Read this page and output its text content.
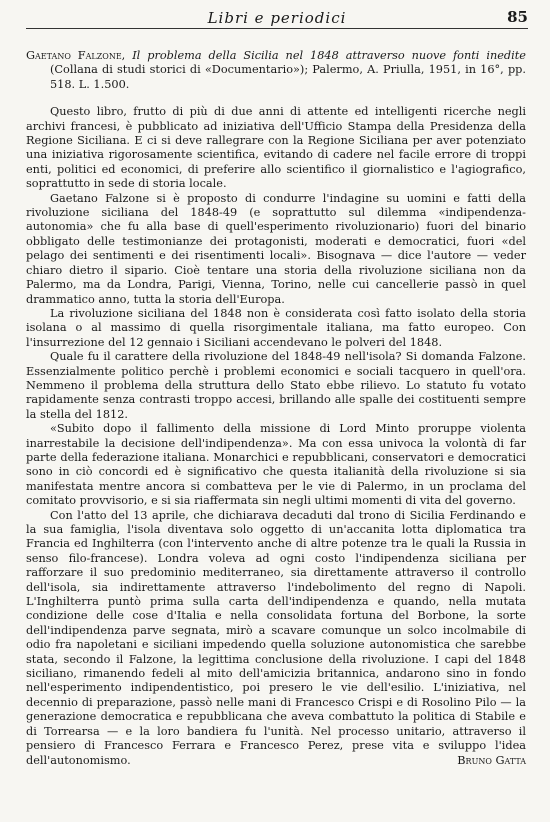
Libri e periodici	85

Gaetano Falzone, Il problema della Sicilia nel 1848 attraverso nuove fonti inedite (Collana di studi storici di «Documentario»); Palermo, A. Priulla, 1951, in 16°, pp. 518. L. 1.500.

Questo libro, frutto di più di due anni di attente ed intelligenti ricerche negli archivi francesi, è pubblicato ad iniziativa dell'Ufficio Stampa della Presidenza della Regione Siciliana. E ci si deve rallegrare con la Regione Siciliana per aver potenziato una iniziativa rigorosamente scientifica, evitando di cadere nel facile errore di troppi enti, politici ed economici, di preferire allo scientifico il giornalistico e l'agiografico, soprattutto in sede di storia locale.

Gaetano Falzone si è proposto di condurre l'indagine su uomini e fatti della rivoluzione siciliana del 1848-49 (e soprattutto sul dilemma «indipendenza-autonomia» che fu alla base di quell'esperimento rivoluzionario) fuori del binario obbligato delle testimonianze dei protagonisti, moderati e democratici, fuori «del pelago dei sentimenti e dei risentimenti locali». Bisognava — dice l'autore — veder chiaro dietro il sipario. Cioè tentare una storia della rivoluzione siciliana non da Palermo, ma da Londra, Parigi, Vienna, Torino, nelle cui cancellerie passò in quel drammatico anno, tutta la storia dell'Europa.

La rivoluzione siciliana del 1848 non è considerata così fatto isolato della storia isolana o al massimo di quella risorgimentale italiana, ma fatto europeo. Con l'insurrezione del 12 gennaio i Siciliani accendevano le polveri del 1848.

Quale fu il carattere della rivoluzione del 1848-49 nell'isola? Si domanda Falzone. Essenzialmente politico perchè i problemi economici e sociali tacquero in quell'ora. Nemmeno il problema della struttura dello Stato ebbe rilievo. Lo statuto fu votato rapidamente senza contrasti troppo accesi, brillando alle spalle dei costituenti sempre la stella del 1812.

«Subito dopo il fallimento della missione di Lord Minto proruppe violenta inarrestabile la decisione dell'indipendenza». Ma con essa univoca la volontà di far parte della federazione italiana. Monarchici e repubblicani, conservatori e democratici sono in ciò concordi ed è significativo che questa italianità della rivoluzione si sia manifestata mentre ancora si combatteva per le vie di Palermo, in un proclama del comitato provvisorio, e si sia riaffermata sin negli ultimi momenti di vita del governo.

Con l'atto del 13 aprile, che dichiarava decaduti dal trono di Sicilia Ferdinando e la sua famiglia, l'isola diventava solo oggetto di un'accanita lotta diplomatica tra Francia ed Inghilterra (con l'intervento anche di altre potenze tra le quali la Russia in senso filo-francese). Londra voleva ad ogni costo l'indipendenza siciliana per rafforzare il suo predominio mediterraneo, sia direttamente attraverso il controllo dell'isola, sia indirettamente attraverso l'indebolimento del regno di Napoli. L'Inghilterra puntò prima sulla carta dell'indipendenza e quando, nella mutata condizione delle cose d'Italia e nella consolidata fortuna del Borbone, la sorte dell'indipendenza parve segnata, mirò a scavare comunque un solco incolmabile di odio fra napoletani e siciliani impedendo quella soluzione autonomistica che sarebbe stata, secondo il Falzone, la legittima conclusione della rivoluzione. I capi del 1848 siciliano, rimanendo fedeli al mito dell'amicizia britannica, andarono sino in fondo nell'esperimento indipendentistico, poi presero le vie dell'esilio. L'iniziativa, nel decennio di preparazione, passò nelle mani di Francesco Crispi e di Rosolino Pilo — la generazione democratica e repubblicana che aveva combattuto la politica di Stabile e di Torrearsa — e la loro bandiera fu l'unità. Nel processo unitario, attraverso il pensiero di Francesco Ferrara e Francesco Perez, prese vita e sviluppo l'idea dell'autonomismo.	Bruno Gatta
